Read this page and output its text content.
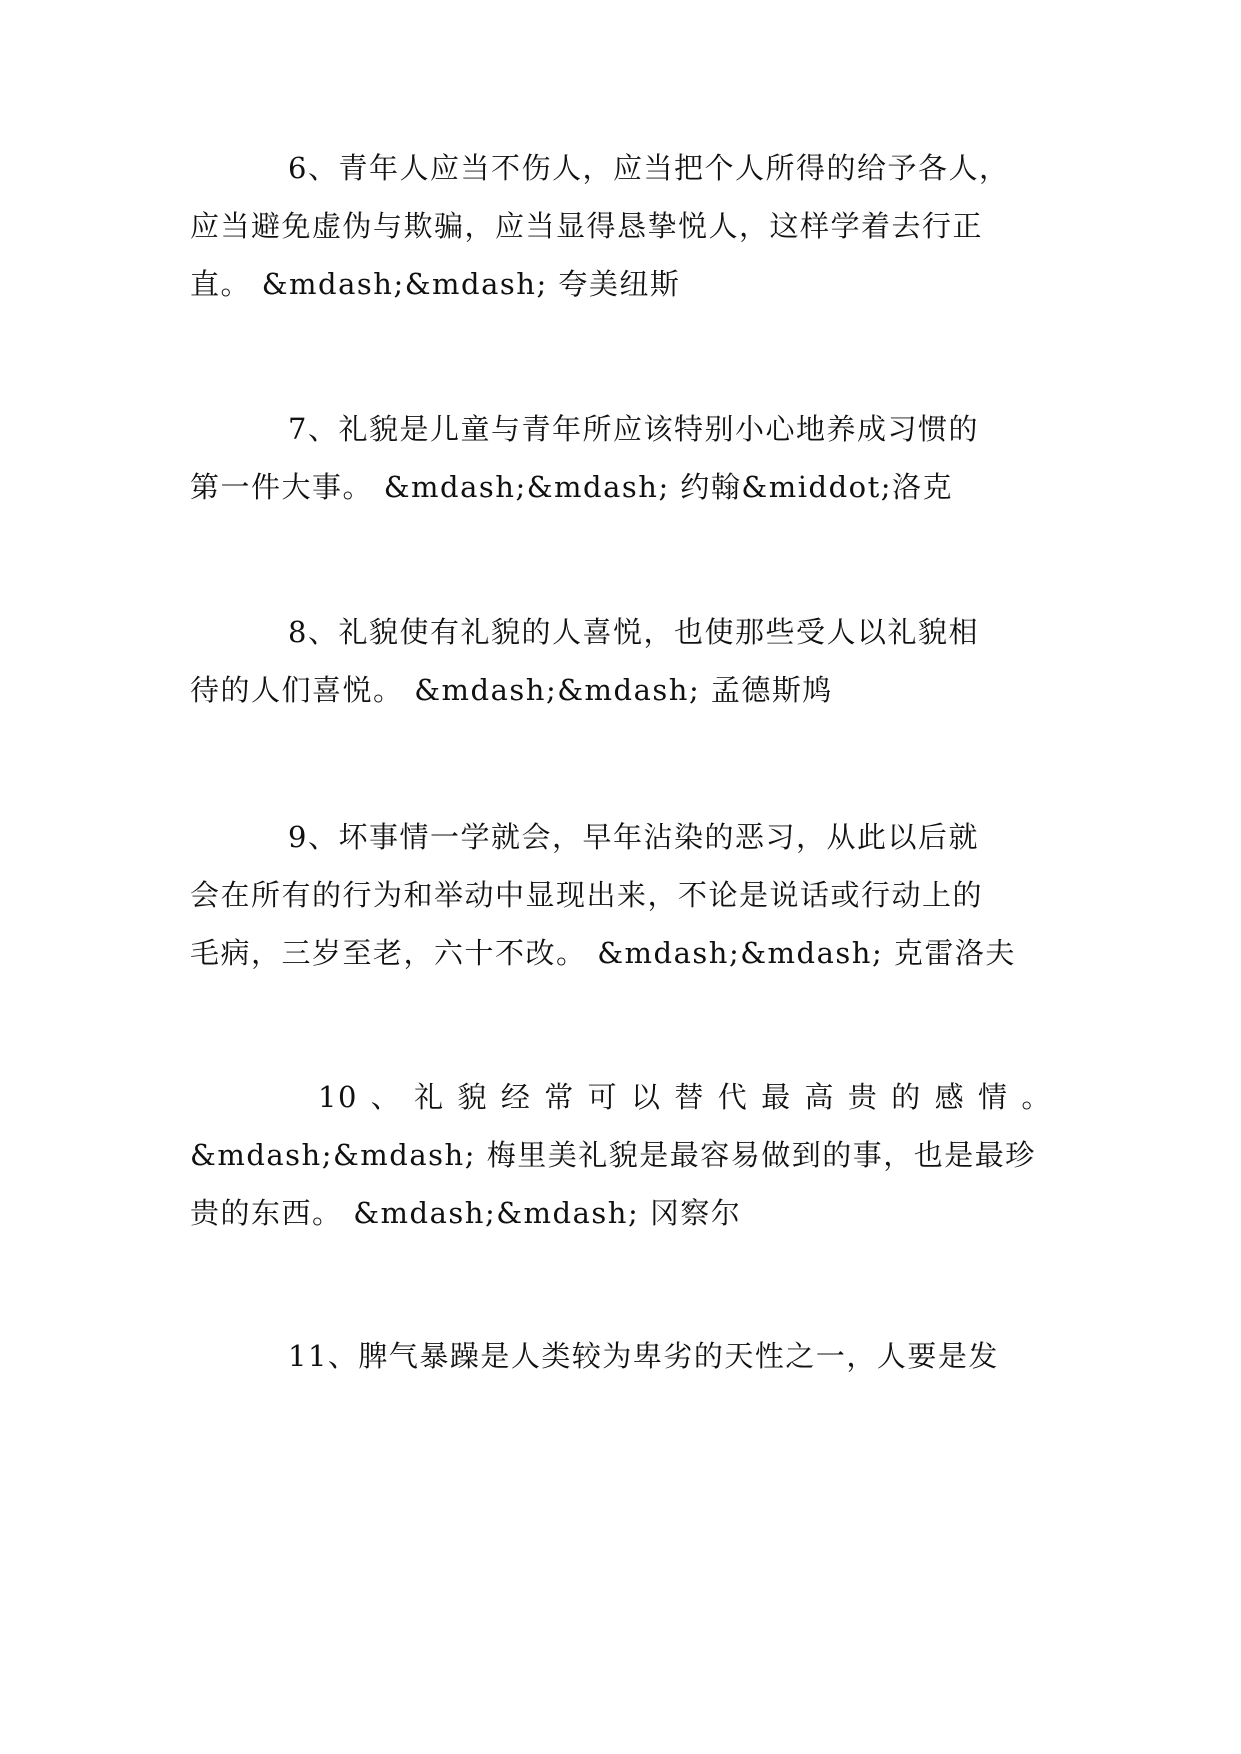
6、青年人应当不伤人，应当把个人所得的给予各人，
应当避免虚伪与欺骗，应当显得恳挚悦人，这样学着去行正
直。 &mdash;&mdash; 夸美纽斯
7、礼貌是儿童与青年所应该特别小心地养成习惯的
第一件大事。 &mdash;&mdash; 约翰&middot;洛克
8、礼貌使有礼貌的人喜悦，也使那些受人以礼貌相
待的人们喜悦。 &mdash;&mdash; 孟德斯鸠
9、坏事情一学就会，早年沾染的恶习，从此以后就
会在所有的行为和举动中显现出来，不论是说话或行动上的
毛病，三岁至老，六十不改。 &mdash;&mdash; 克雷洛夫
10 、 礼 貌 经 常 可 以 替 代 最 高 贵 的 感 情 。
&mdash;&mdash; 梅里美礼貌是最容易做到的事，也是最珍
贵的东西。 &mdash;&mdash; 冈察尔
11、脾气暴躁是人类较为卑劣的天性之一，人要是发
